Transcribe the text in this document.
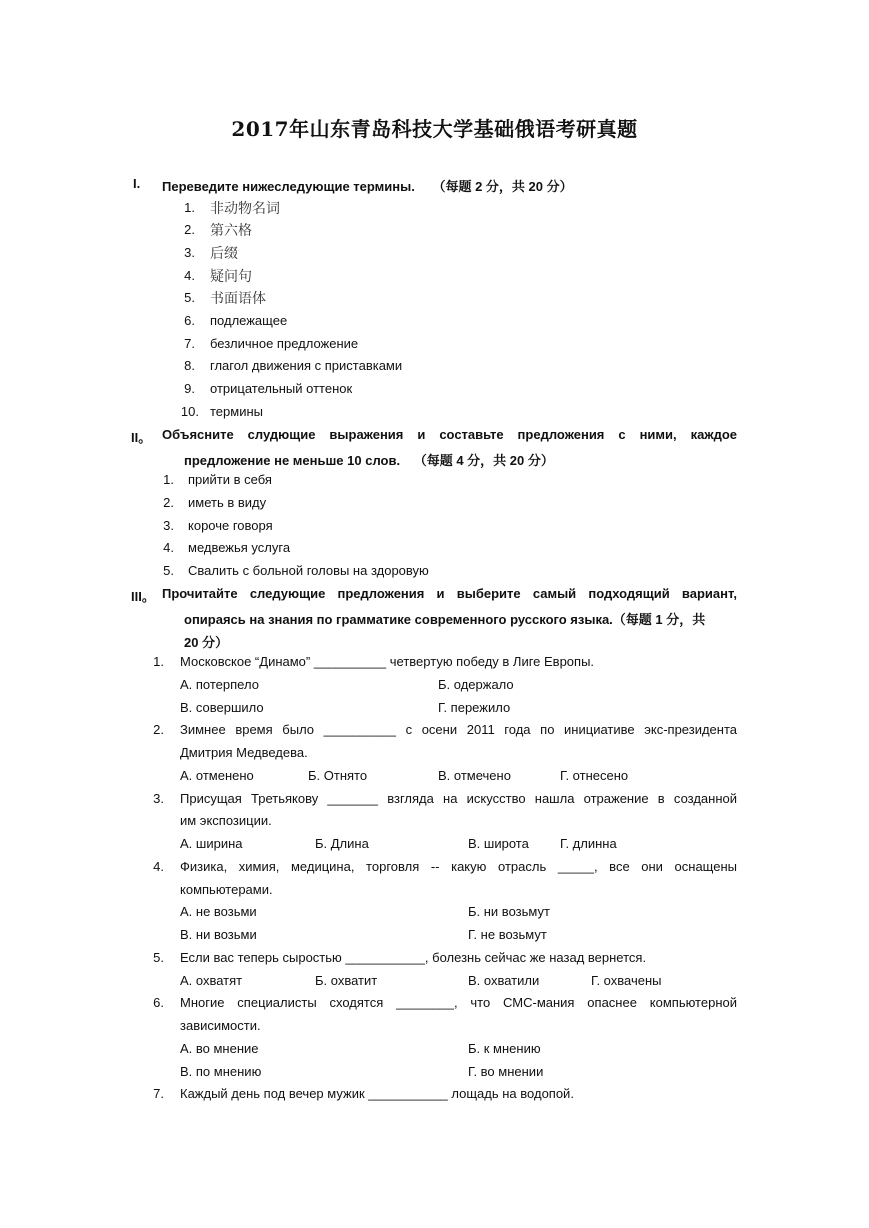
2017年山东青岛科技大学基础俄语考研真题
I. Переведите нижеследующие термины. （每题 2 分，共 20 分）
1. 非动物名词
2. 第六格
3. 后缀
4. 疑问句
5. 书面语体
6. подлежащее
7. безличное предложение
8. глагол движения с приставками
9. отрицательный оттенок
10. термины
II。 Объясните слудющие выражения и составьте предложения с ними, каждое
предложение не меньше 10 слов. （每题 4 分，共 20 分）
1. прийти в себя
2. иметь в виду
3. короче говоря
4. медвежья услуга
5. Свалить с больной головы на здоровую
III。 Прочитайте следующие предложения и выберите самый подходящий вариант,
опираясь на знания по грамматике современного русского языка.（每题 1 分，共
20 分）
1. Московское “Динамо” __________ четвертую победу в Лиге Европы.
А. потерпело	Б. одержало
В. совершило	Г. пережило
2. Зимнее время было __________ с осени 2011 года по инициативе экс-президента
Дмитрия Медведева.
А. отменено	Б. Отнято	В. отмечено	Г. отнесено
3. Присущая Третьякову _______ взгляда на искусство нашла отражение в созданной
им экспозиции.
А. ширина	Б. Длина	В. широта Г. длинна
4. Физика, химия, медицина, торговля -- какую отрасль _____, все они оснащены
компьютерами.
А. не возьми	Б. ни возьмут
В. ни возьми	Г. не возьмут
5. Если вас теперь сыростью ___________, болезнь сейчас же назад вернется.
А. охватят	Б. охватит	В. охватили	Г. охвачены
6. Многие специалисты сходятся ________, что СМС-мания опаснее компьютерной
зависимости.
А. во мнение	Б. к мнению
В. по мнению	Г. во мнении
7. Каждый день под вечер мужик ___________ лощадь на водопой.
